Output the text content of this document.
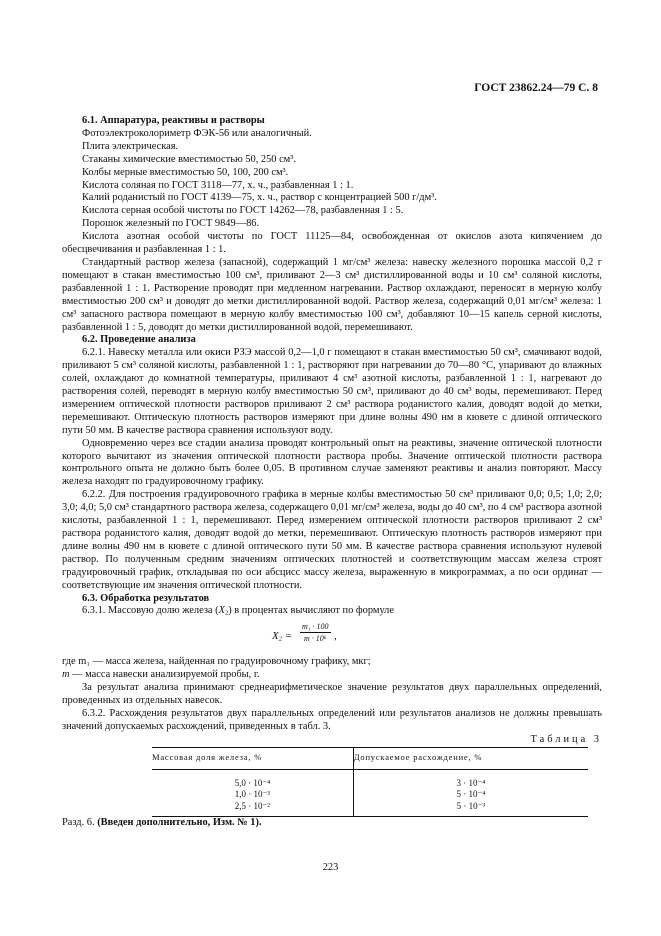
ГОСТ 23862.24—79 С. 8

6.1. Аппаратура, реактивы и растворы

Фотоэлектроколориметр ФЭК-56 или аналогичный.

Плита электрическая.

Стаканы химические вместимостью 50, 250 см³.

Колбы мерные вместимостью 50, 100, 200 см³.

Кислота соляная по ГОСТ 3118—77, х. ч., разбавленная 1 : 1.

Калий роданистый по ГОСТ 4139—75, х. ч., раствор с концентрацией 500 г/дм³.

Кислота серная особой чистоты по ГОСТ 14262—78, разбавленная 1 : 5.

Порошок железный по ГОСТ 9849—86.

Кислота азотная особой чистоты по ГОСТ 11125—84, освобожденная от окислов азота кипячением до обесцвечивания и разбавленная 1 : 1.

Стандартный раствор железа (запасной), содержащий 1 мг/см³ железа: навеску железного порошка массой 0,2 г помещают в стакан вместимостью 100 см³, приливают 2—3 см³ дистиллированной воды и 10 см³ соляной кислоты, разбавленной 1 : 1. Растворение проводят при медленном нагревании. Раствор охлаждают, переносят в мерную колбу вместимостью 200 см³ и доводят до метки дистиллированной водой. Раствор железа, содержащий 0,01 мг/см³ железа: 1 см³ запасного раствора помещают в мерную колбу вместимостью 100 см³, добавляют 10—15 капель серной кислоты, разбавленной 1 : 5, доводят до метки дистиллированной водой, перемешивают.

6.2. Проведение анализа

6.2.1. Навеску металла или окиси РЗЭ массой 0,2—1,0 г помещают в стакан вместимостью 50 см³, смачивают водой, приливают 5 см³ соляной кислоты, разбавленной 1 : 1, растворяют при нагревании до 70—80 °С, упаривают до влажных солей, охлаждают до комнатной температуры, приливают 4 см³ азотной кислоты, разбавленной 1 : 1, нагревают до растворения солей, переводят в мерную колбу вместимостью 50 см³, приливают до 40 см³ воды, перемешивают. Перед измерением оптической плотности растворов приливают 2 см³ раствора роданистого калия, доводят водой до метки, перемешивают. Оптическую плотность растворов измеряют при длине волны 490 нм в кювете с длиной оптического пути 50 мм. В качестве раствора сравнения используют воду.

Одновременно через все стадии анализа проводят контрольный опыт на реактивы, значение оптической плотности которого вычитают из значения оптической плотности раствора пробы. Значение оптической плотности раствора контрольного опыта не должно быть более 0,05. В противном случае заменяют реактивы и анализ повторяют. Массу железа находят по градуировочному графику.

6.2.2. Для построения градуировочного графика в мерные колбы вместимостью 50 см³ приливают 0,0; 0,5; 1,0; 2,0; 3,0; 4,0; 5,0 см³ стандартного раствора железа, содержащего 0,01 мг/см³ железа, воды до 40 см³, по 4 см³ раствора азотной кислоты, разбавленной 1 : 1, перемешивают. Перед измерением оптической плотности растворов приливают 2 см³ раствора роданистого калия, доводят водой до метки, перемешивают. Оптическую плотность растворов измеряют при длине волны 490 нм в кювете с длиной оптического пути 50 мм. В качестве раствора сравнения используют нулевой раствор. По полученным средним значениям оптических плотностей и соответствующим массам железа строят градуировочный график, откладывая по оси абсцисс массу железа, выраженную в микрограммах, а по оси ординат — соответствующие им значения оптической плотности.

6.3. Обработка результатов

6.3.1. Массовую долю железа $(X_2)$ в процентах вычисляют по формуле

$X_2 = \frac{\text{m₁ · 100}}{\text{m · 10⁶}}$ ,

где m₁ — масса железа, найденная по градуировочному графику, мкг;

m — масса навески анализируемой пробы, г.

За результат анализа принимают среднеарифметическое значение результатов двух параллельных определений, проведенных из отдельных навесок.

6.3.2. Расхождения результатов двух параллельных определений или результатов анализов не должны превышать значений допускаемых расхождений, приведенных в табл. 3.

Таблица 3

Массовая доля железа, %	Допускаемое расхождение, %
5,0 · 10⁻⁴	3 · 10⁻⁴
1,0 · 10⁻³	5 · 10⁻⁴
2,5 · 10⁻²	5 · 10⁻³

Разд. 6. (Введен дополнительно, Изм. № 1).

223
